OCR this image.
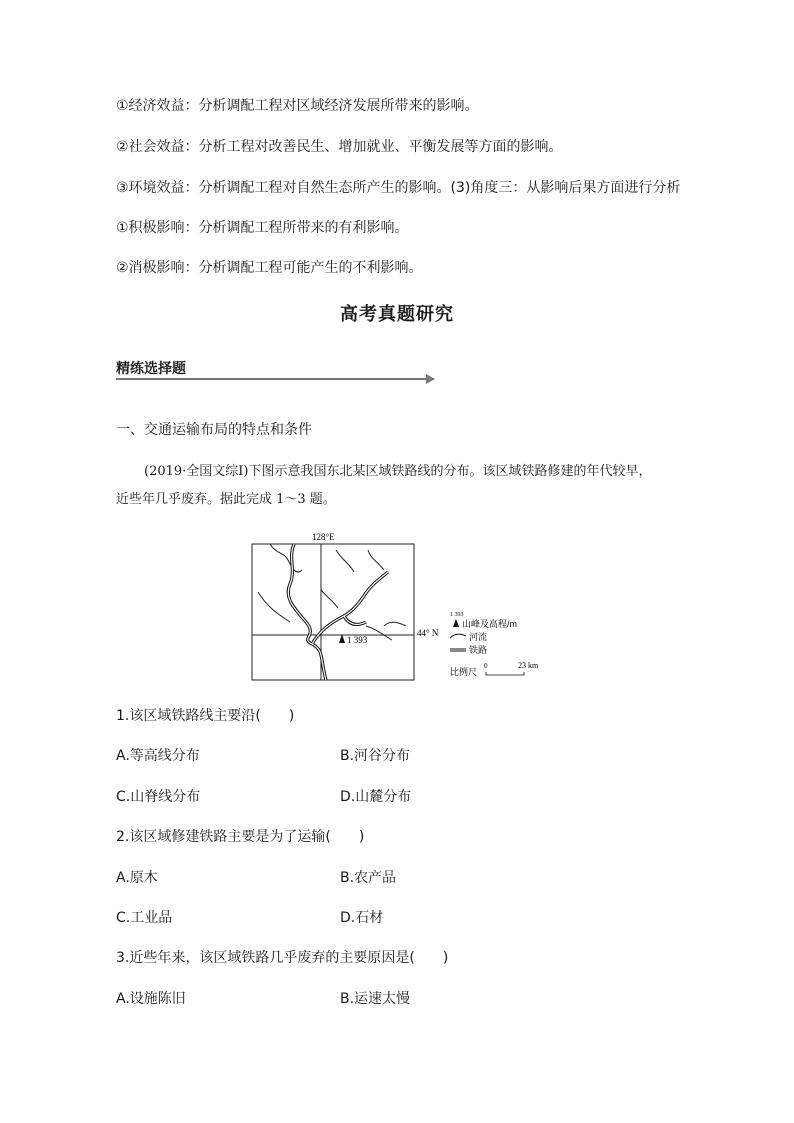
①经济效益：分析调配工程对区域经济发展所带来的影响。
②社会效益：分析工程对改善民生、增加就业、平衡发展等方面的影响。
③环境效益：分析调配工程对自然生态所产生的影响。(3)角度三：从影响后果方面进行分析
①积极影响：分析调配工程所带来的有利影响。
②消极影响：分析调配工程可能产生的不利影响。
高考真题研究
精练选择题
一、交通运输布局的特点和条件
(2019·全国文综Ⅰ)下图示意我国东北某区域铁路线的分布。该区域铁路修建的年代较早，
近些年几乎废弃。据此完成 1～3 题。
1 393
128°E
44° N
1 393
山峰及高程/m
河流
铁路
比例尺
0	23 km
1.该区域铁路线主要沿(　　)
A.等高线分布	B.河谷分布
C.山脊线分布	D.山麓分布
2.该区域修建铁路主要是为了运输(　　)
A.原木	B.农产品
C.工业品	D.石材
3.近些年来，该区域铁路几乎废弃的主要原因是(　　)
A.设施陈旧	B.运速太慢
